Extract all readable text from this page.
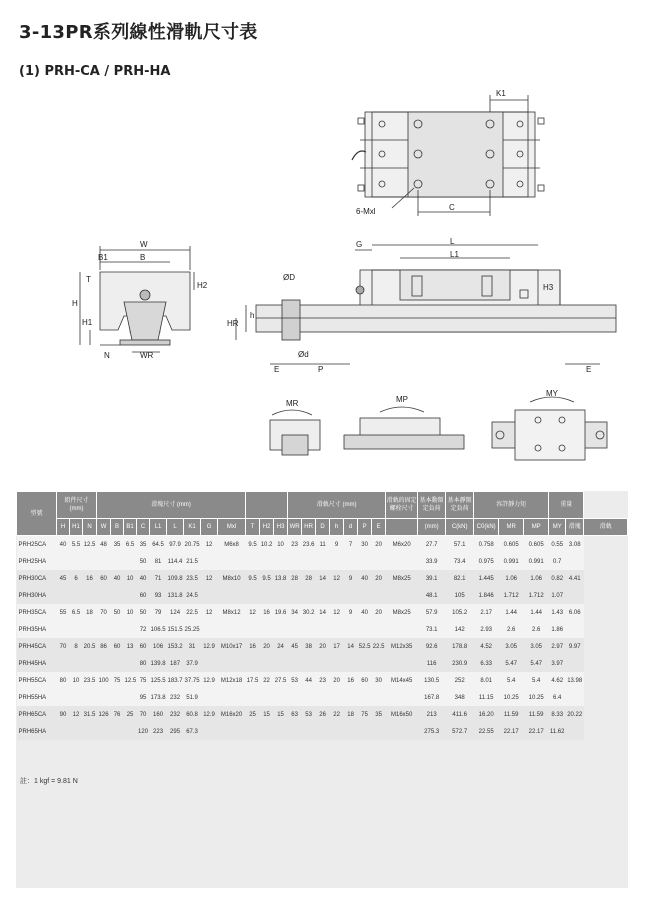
3-13PR系列線性滑軌尺寸表
(1) PRH-CA / PRH-HA
K1
6-Mxl	C
W
B1	B
T
H2
H
H1
N	WR
ØD
Ød
h
HR
E	P
G	L
L1
H3
E
MR	MP
MY
型號	組件尺寸 (mm)			滑塊尺寸 (mm)												滑軌尺寸 (mm)							滑軌的固定螺栓尺寸	基本動額定負荷	基本靜額定負荷	容許靜力矩			重量		
	H	H1	N	W	B	B1	C	L1	L	K1	G	Mxl	T	H2	H3	WR	HR	D	h	d	P	E		(mm)	C(kN)	C0(kN)	MR	MP	MY	滑塊	滑軌
PRH25CA	40	5.5	12.5	48	35	6.5	35	64.5	97.9	20.75	12	M6x8	9.5	10.2	10	23	23.6	11	9	7	30	20	M6x20	27.7	57.1	0.758	0.605	0.605	0.55	3.08	
PRH25HA							50	81	114.4	21.5														33.9	73.4	0.975	0.991	0.991	0.7		
PRH30CA	45	6	16	60	40	10	40	71	109.8	23.5	12	M8x10	9.5	9.5	13.8	28	28	14	12	9	40	20	M8x25	39.1	82.1	1.445	1.06	1.06	0.82	4.41	
PRH30HA							60	93	131.8	24.5														48.1	105	1.846	1.712	1.712	1.07		
PRH35CA	55	6.5	18	70	50	10	50	79	124	22.5	12	M8x12	12	16	19.6	34	30.2	14	12	9	40	20	M8x25	57.9	105.2	2.17	1.44	1.44	1.43	6.06	
PRH35HA							72	106.5	151.5	25.25														73.1	142	2.93	2.6	2.6	1.86		
PRH45CA	70	8	20.5	86	60	13	60	106	153.2	31	12.9	M10x17	16	20	24	45	38	20	17	14	52.5	22.5	M12x35	92.6	178.8	4.52	3.05	3.05	2.97	9.97	
PRH45HA							80	139.8	187	37.9														116	230.9	6.33	5.47	5.47	3.97		
PRH55CA	80	10	23.5	100	75	12.5	75	125.5	183.7	37.75	12.9	M12x18	17.5	22	27.5	53	44	23	20	16	60	30	M14x45	130.5	252	8.01	5.4	5.4	4.62	13.98	
PRH55HA							95	173.8	232	51.9														167.8	348	11.15	10.25	10.25	6.4		
PRH65CA	90	12	31.5	126	76	25	70	160	232	60.8	12.9	M16x20	25	15	15	63	53	26	22	18	75	35	M16x50	213	411.6	16.20	11.59	11.59	8.33	20.22	
PRH65HA							120	223	295	67.3														275.3	572.7	22.55	22.17	22.17	11.62		
註：1 kgf = 9.81 N
